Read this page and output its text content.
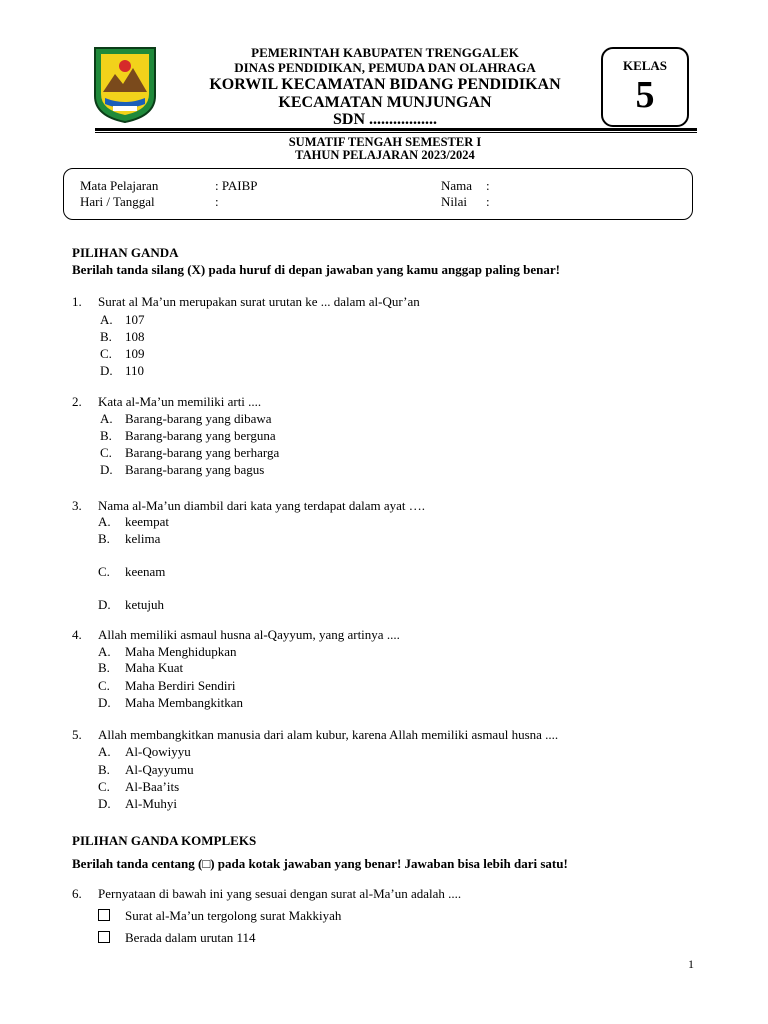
PEMERINTAH KABUPATEN TRENGGALEK
DINAS PENDIDIKAN, PEMUDA DAN OLAHRAGA
KORWIL KECAMATAN BIDANG PENDIDIKAN
KECAMATAN MUNJUNGAN
SDN .................
KELAS
5
SUMATIF TENGAH SEMESTER I
TAHUN PELAJARAN 2023/2024
Mata Pelajaran	: PAIBP
Hari / Tanggal	:
Nama :
Nilai :
PILIHAN GANDA
Berilah tanda silang (X) pada huruf di depan jawaban yang kamu anggap paling benar!
1. Surat al Ma’un merupakan surat urutan ke ... dalam al-Qur’an
A. 107
B. 108
C. 109
D. 110
2. Kata al-Ma’un memiliki arti ....
A. Barang-barang yang dibawa
B. Barang-barang yang berguna
C. Barang-barang yang berharga
D. Barang-barang yang bagus
3. Nama al-Ma’un diambil dari kata yang terdapat dalam ayat ….
A. keempat
B. kelima
C. keenam
D. ketujuh
4. Allah memiliki asmaul husna al-Qayyum, yang artinya ....
A. Maha Menghidupkan
B. Maha Kuat
C. Maha Berdiri Sendiri
D. Maha Membangkitkan
5. Allah membangkitkan manusia dari alam kubur, karena Allah memiliki asmaul husna ....
A. Al-Qowiyyu
B. Al-Qayyumu
C. Al-Baa’its
D. Al-Muhyi
PILIHAN GANDA KOMPLEKS
Berilah tanda centang (□) pada kotak jawaban yang benar! Jawaban bisa lebih dari satu!
6. Pernyataan di bawah ini yang sesuai dengan surat al-Ma’un adalah ....
Surat al-Ma’un tergolong surat Makkiyah
Berada dalam urutan 114
1
